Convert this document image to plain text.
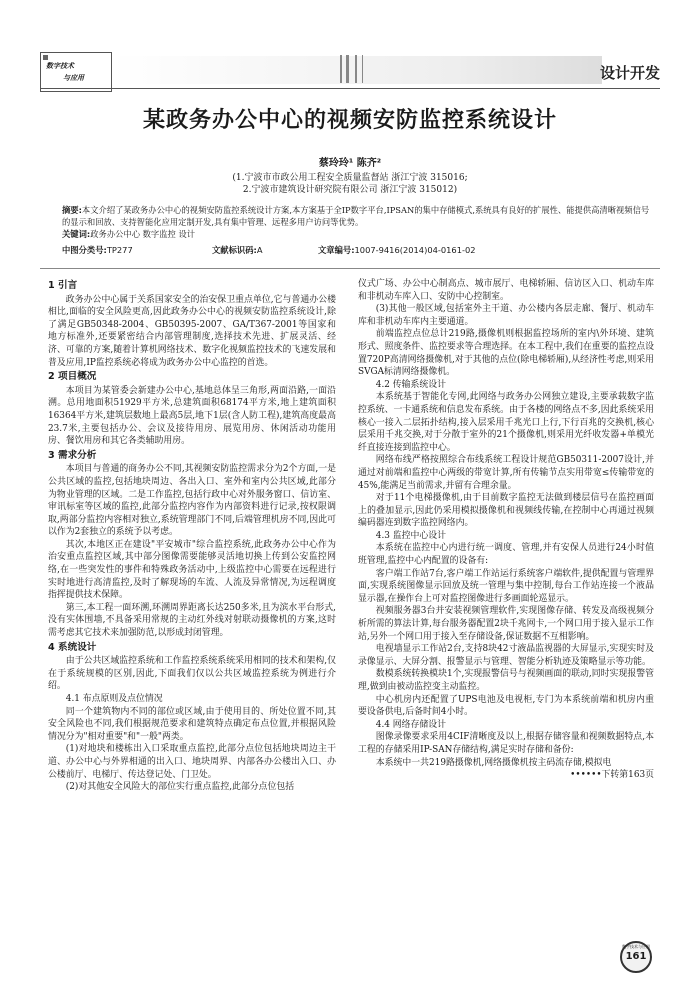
数字技术
与应用	设计开发
某政务办公中心的视频安防监控系统设计
蔡玲玲¹ 陈齐²
(1.宁波市市政公用工程安全质量监督站 浙江宁波 315016;
2.宁波市建筑设计研究院有限公司 浙江宁波 315012)
摘要:本文介绍了某政务办公中心的视频安防监控系统设计方案,本方案基于全IP数字平台,IPSAN的集中存储模式,系统具有良好的扩展性、能提供高清晰视频信号的显示和回放、支持智能化应用定制开发,具有集中管理、远程多用户访问等优势。
关键词:政务办公中心 数字监控 设计
中图分类号:TP277	文献标识码:A	文章编号:1007-9416(2014)04-0161-02
1 引言

政务办公中心属于关系国家安全的治安保卫重点单位,它与普通办公楼相比,面临的安全风险更高,因此政务办公中心的视频安防监控系统设计,除了满足GB50348-2004、GB50395-2007、GA/T367-2001等国家和地方标准外,还要紧密结合内部管理制度,选择技术先进、扩展灵活、经济、可靠的方案,随着计算机网络技术、数字化视频监控技术的飞速发展和普及应用,IP监控系统必将成为政务办公中心监控的首选。

2 项目概况

本项目为某管委会新建办公中心,基地总体呈三角形,两面沿路,一面沿溯。总用地面积51929平方米,总建筑面积68174平方米,地上建筑面积16364平方米,建筑层数地上最高5层,地下1层(含人防工程),建筑高度最高23.7米,主要包括办公、会议及接待用房、展览用房、休闲活动功能用房、餐饮用房和其它各类辅助用房。

3 需求分析

本项目与普通的商务办公不同,其视频安防监控需求分为2个方面,一是公共区域的监控,包括地块周边、各出入口、室外和室内公共区域,此部分为物业管理的区域。二是工作监控,包括行政中心对外服务窗口、信访室、审讯标室等区域的监控,此部分监控内容作为内部资料进行记录,按权限调取,两部分监控内容相对独立,系统管理部门不同,后端管理机房不同,因此可以作为2套独立的系统予以考虑。

其次,本地区正在建设"平安城市"综合监控系统,此政务办公中心作为治安重点监控区域,其中部分图像需要能够灵活地切换上传到公安监控网络,在一些突发性的事件和特殊政务活动中,上级监控中心需要在远程进行实时地进行高清监控,及时了解现场的车流、人流及异常情况,为远程调度指挥提供技术保障。

第三,本工程一面环溯,环溯周界距离长达250多米,且为滨水平台形式,没有实体围墙,不具备采用常规的主动红外线对射联动摄像机的方案,这时需考虑其它技术来加强防范,以形成封闭管理。

4 系统设计

由于公共区域监控系统和工作监控系统系统采用相同的技术和架构,仅在于系统规模的区别,因此,下面我们仅以公共区域监控系统为例进行介绍。

4.1 布点原则及点位情况

同一个建筑物内不同的部位或区域,由于使用目的、所处位置不同,其安全风险也不同,我们根据规范要求和建筑特点确定布点位置,并根据风险情况分为"相对重要"和"一般"两类。

(1)对地块和楼栋出入口采取重点监控,此部分点位包括地块周边主干道、办公中心与外界相通的出入口、地块周界、内部各办公楼出入口、办公楼前厅、电梯厅、传达登记处、门卫处。

(2)对其他安全风险大的部位实行重点监控,此部分点位包括

仪式广场、办公中心制高点、城市展厅、电梯轿厢、信访区入口、机动车库和非机动车库入口、安防中心控制室。

(3)其他一般区域,包括室外主干道、办公楼内各层走廊、餐厅、机动车库和非机动车库内主要通道。

前端监控点位总计219路,摄像机则根据监控场所的室内\外环境、建筑形式、照度条件、监控要求等合理选择。在本工程中,我们在重要的监控点设置720P高清网络摄像机,对于其他的点位(除电梯轿厢),从经济性考虑,则采用SVGA标清网络摄像机。

4.2 传输系统设计

本系统基于智能化专网,此网络与政务办公网独立建设,主要承载数字监控系统、一卡通系统和信息发布系统。由于各楼的网络点不多,因此系统采用核心一接入二层拓扑结构,接入层采用千兆光口上行,下行百兆的交换机,核心层采用千兆交换,对于分散于室外的21个摄像机,则采用光纤收发器+单模光纤直接连接到监控中心。

网络布线严格按照综合布线系统工程设计规范GB50311-2007设计,并通过对前端和监控中心两级的带宽计算,所有传输节点实用带宽≤传输带宽的45%,能满足当前需求,并留有合理余量。

对于11个电梯摄像机,由于目前数字监控无法做到楼层信号在监控画面上的叠加显示,因此仍采用模拟摄像机和视频线传输,在控制中心再通过视频编码器连到数字监控网络内。

4.3 监控中心设计

本系统在监控中心内进行统一调度、管理,并有安保人员进行24小时值班管理,监控中心内配置的设备有:

客户端工作站7台,客户端工作站运行系统客户端软件,提供配置与管理界面,实现系统图像显示回放及统一管理与集中控制,每台工作站连接一个液晶显示器,在操作台上可对监控图像进行多画面轮巡显示。

视频服务器3台并安装视频管理软件,实现图像存储、转发及高级视频分析所需的算法计算,每台服务器配置2块千兆网卡,一个网口用于接入显示工作站,另外一个网口用于接入至存储设备,保证数据不互相影响。

电视墙显示工作站2台,支持8块42寸液晶监视器的大屏显示,实现实时及录像显示、大屏分割、报警显示与管理、智能分析轨迹及策略显示等功能。

数模系统转换模块1个,实现报警信号与视频画面的联动,同时实现报警管理,做到由被动监控变主动监控。

中心机房内还配置了UPS电池及电视柜,专门为本系统前端和机房内重要设备供电,后备时间4小时。

4.4 网络存储设计

图像录像要求采用4CIF清晰度及以上,根据存储容量和视频数据特点,本工程的存储采用IP-SAN存储结构,满足实时存储和备份:

本系统中一共219路摄像机,网络摄像机按主码流存储,模拟电

••••••下转第163页
数字技术与应用
161
